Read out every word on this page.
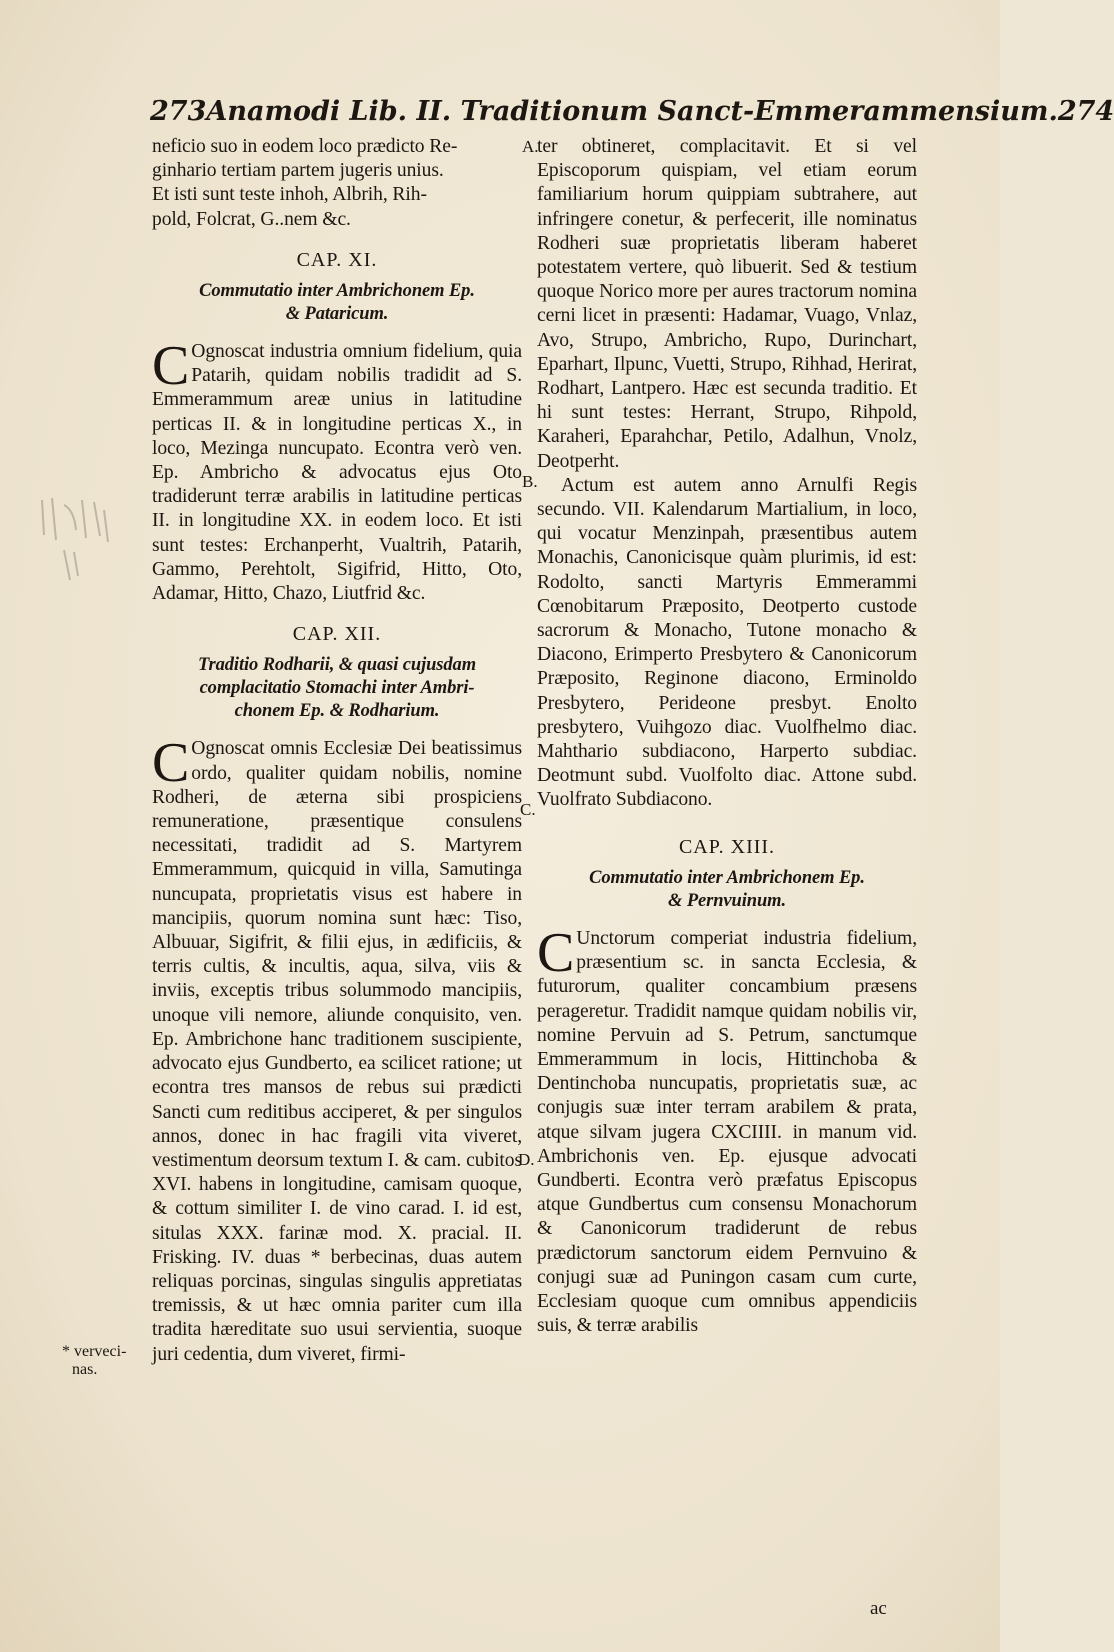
273 Anamodi Lib. II. Traditionum Sanct-Emmerammensium. 274

neficio suo in eodem loco prædicto Re-

ginhario tertiam partem jugeris unius.

Et isti sunt teste inhoh, Albrih, Rih-

pold, Folcrat, G..nem &c.

CAP. XI.
Commutatio inter Ambrichonem Ep.
& Pataricum.

C Ognoscat industria omnium fidelium, quia Patarih, quidam nobilis tradidit ad S. Emmerammum areæ unius in latitudine perticas II. & in longitudine perticas X., in loco, Mezinga nuncupato. Econtra verò ven. Ep. Ambricho & advocatus ejus Oto tradiderunt terræ arabilis in latitudine perticas II. in longitudine XX. in eodem loco. Et isti sunt testes: Erchanperht, Vualtrih, Patarih, Gammo, Perehtolt, Sigifrid, Hitto, Oto, Adamar, Hitto, Chazo, Liutfrid &c.

CAP. XII.
Traditio Rodharii, & quasi cujusdam
complacitatio Stomachi inter Ambri-
chonem Ep. & Rodharium.

C Ognoscat omnis Ecclesiæ Dei beatissimus ordo, qualiter quidam nobilis, nomine Rodheri, de æterna sibi prospiciens remuneratione, præsentique consulens necessitati, tradidit ad S. Martyrem Emmerammum, quicquid in villa, Samutinga nuncupata, proprietatis visus est habere in mancipiis, quorum nomina sunt hæc: Tiso, Albuuar, Sigifrit, & filii ejus, in ædificiis, & terris cultis, & incultis, aqua, silva, viis & inviis, exceptis tribus solummodo mancipiis, unoque vili nemore, aliunde conquisito, ven. Ep. Ambrichone hanc traditionem suscipiente, advocato ejus Gundberto, ea scilicet ratione; ut econtra tres mansos de rebus sui prædicti Sancti cum reditibus acciperet, & per singulos annos, donec in hac fragili vita viveret, vestimentum deorsum textum I. & cam. cubitos XVI. habens in longitudine, camisam quoque, & cottum similiter I. de vino carad. I. id est, situlas XXX. farinæ mod. X. pracial. II. Frisking. IV. duas * berbecinas, duas autem reliquas porcinas, singulas singulis appretiatas tremissis, & ut hæc omnia pariter cum illa tradita hæreditate suo usui servientia, suoque juri cedentia, dum viveret, firmi-

ter obtineret, complacitavit. Et si vel Episcoporum quispiam, vel etiam eorum familiarium horum quippiam subtrahere, aut infringere conetur, & perfecerit, ille nominatus Rodheri suæ proprietatis liberam haberet potestatem vertere, quò libuerit. Sed & testium quoque Norico more per aures tractorum nomina cerni licet in præsenti: Hadamar, Vuago, Vnlaz, Avo, Strupo, Ambricho, Rupo, Durinchart, Eparhart, Ilpunc, Vuetti, Strupo, Rihhad, Herirat, Rodhart, Lantpero. Hæc est secunda traditio. Et hi sunt testes: Herrant, Strupo, Rihpold, Karaheri, Eparahchar, Petilo, Adalhun, Vnolz, Deotperht.

Actum est autem anno Arnulfi Regis secundo. VII. Kalendarum Martialium, in loco, qui vocatur Menzinpah, præsentibus autem Monachis, Canonicisque quàm plurimis, id est: Rodolto, sancti Martyris Emmerammi Cœnobitarum Præposito, Deotperto custode sacrorum & Monacho, Tutone monacho & Diacono, Erimperto Presbytero & Canonicorum Præposito, Reginone diacono, Erminoldo Presbytero, Perideone presbyt. Enolto presbytero, Vuihgozo diac. Vuolfhelmo diac. Mahthario subdiacono, Harperto subdiac. Deotmunt subd. Vuolfolto diac. Attone subd. Vuolfrato Subdiacono.

CAP. XIII.
Commutatio inter Ambrichonem Ep.
& Pernvuinum.

C Unctorum comperiat industria fidelium, præsentium sc. in sancta Ecclesia, & futurorum, qualiter concambium præsens perageretur. Tradidit namque quidam nobilis vir, nomine Pervuin ad S. Petrum, sanctumque Emmerammum in locis, Hittinchoba & Dentinchoba nuncupatis, proprietatis suæ, ac conjugis suæ inter terram arabilem & prata, atque silvam jugera CXCIIII. in manum vid. Ambrichonis ven. Ep. ejusque advocati Gundberti. Econtra verò præfatus Episcopus atque Gundbertus cum consensu Monachorum & Canonicorum tradiderunt de rebus prædictorum sanctorum eidem Pernvuino & conjugi suæ ad Puningon casam cum curte, Ecclesiam quoque cum omnibus appendiciis suis, & terræ arabilis

A.
B.
C.
D.
* verveci-
nas.
ac
